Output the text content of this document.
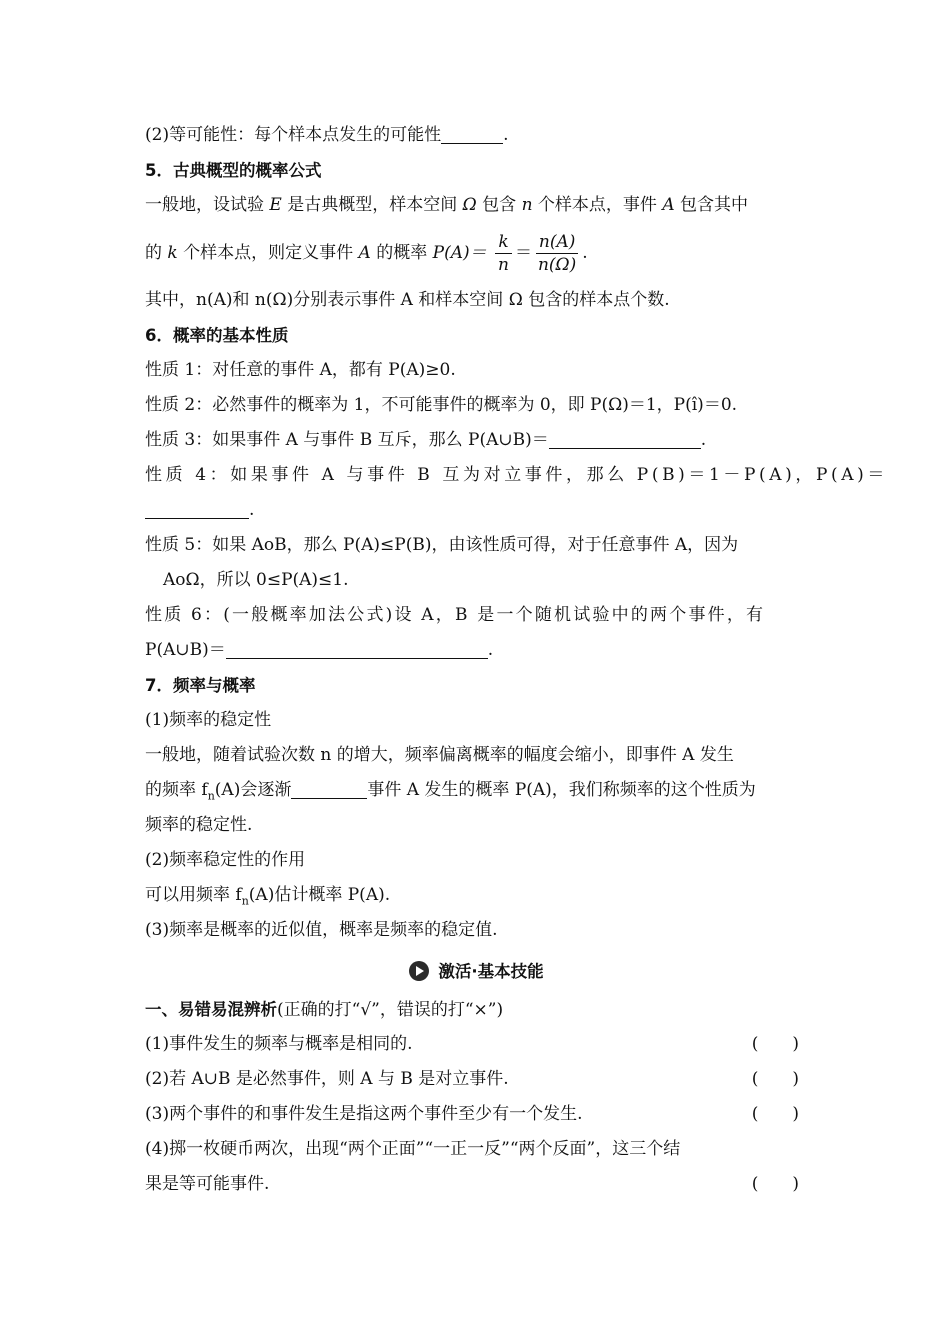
(2)等可能性：每个样本点发生的可能性	.
5．古典概型的概率公式
一般地，设试验 E 是古典概型，样本空间 Ω 包含 n 个样本点，事件 A 包含其中
的 k 个样本点，则定义事件 A 的概率 $P(A)= \frac{k}{n} = \frac{n(A)}{n(\Omega)}$ .
其中，n(A)和 n(Ω)分别表示事件 A 和样本空间 Ω 包含的样本点个数.
6．概率的基本性质
性质 1：对任意的事件 A，都有 P(A)≥0.
性质 2：必然事件的概率为 1，不可能事件的概率为 0，即 P(Ω)＝1，P(î)＝0.
性质 3：如果事件 A 与事件 B 互斥，那么 P(A∪B)＝	.
性质 4：如果事件 A 与事件 B 互为对立事件，那么 P(B)＝1－P(A)，P(A)＝
.
性质 5：如果 AoB，那么 P(A)≤P(B)，由该性质可得，对于任意事件 A，因为
AoΩ，所以 0≤P(A)≤1.
性质 6：(一般概率加法公式)设 A，B 是一个随机试验中的两个事件，有
P(A∪B)＝	.
7．频率与概率
(1)频率的稳定性
一般地，随着试验次数 n 的增大，频率偏离概率的幅度会缩小，即事件 A 发生
的频率 $f_n(A)$会逐渐	事件 A 发生的概率 P(A)，我们称频率的这个性质为
频率的稳定性.
(2)频率稳定性的作用
可以用频率 $f_n(A)$估计概率 P(A).
(3)频率是概率的近似值，概率是频率的稳定值.
激活·基本技能
一、易错易混辨析(正确的打“√”，错误的打“×”)
(1)事件发生的频率与概率是相同的.	(　　)
(2)若 A∪B 是必然事件，则 A 与 B 是对立事件.	(　　)
(3)两个事件的和事件发生是指这两个事件至少有一个发生.	(　　)
(4)掷一枚硬币两次，出现“两个正面”“一正一反”“两个反面”，这三个结
果是等可能事件.	(　　)
